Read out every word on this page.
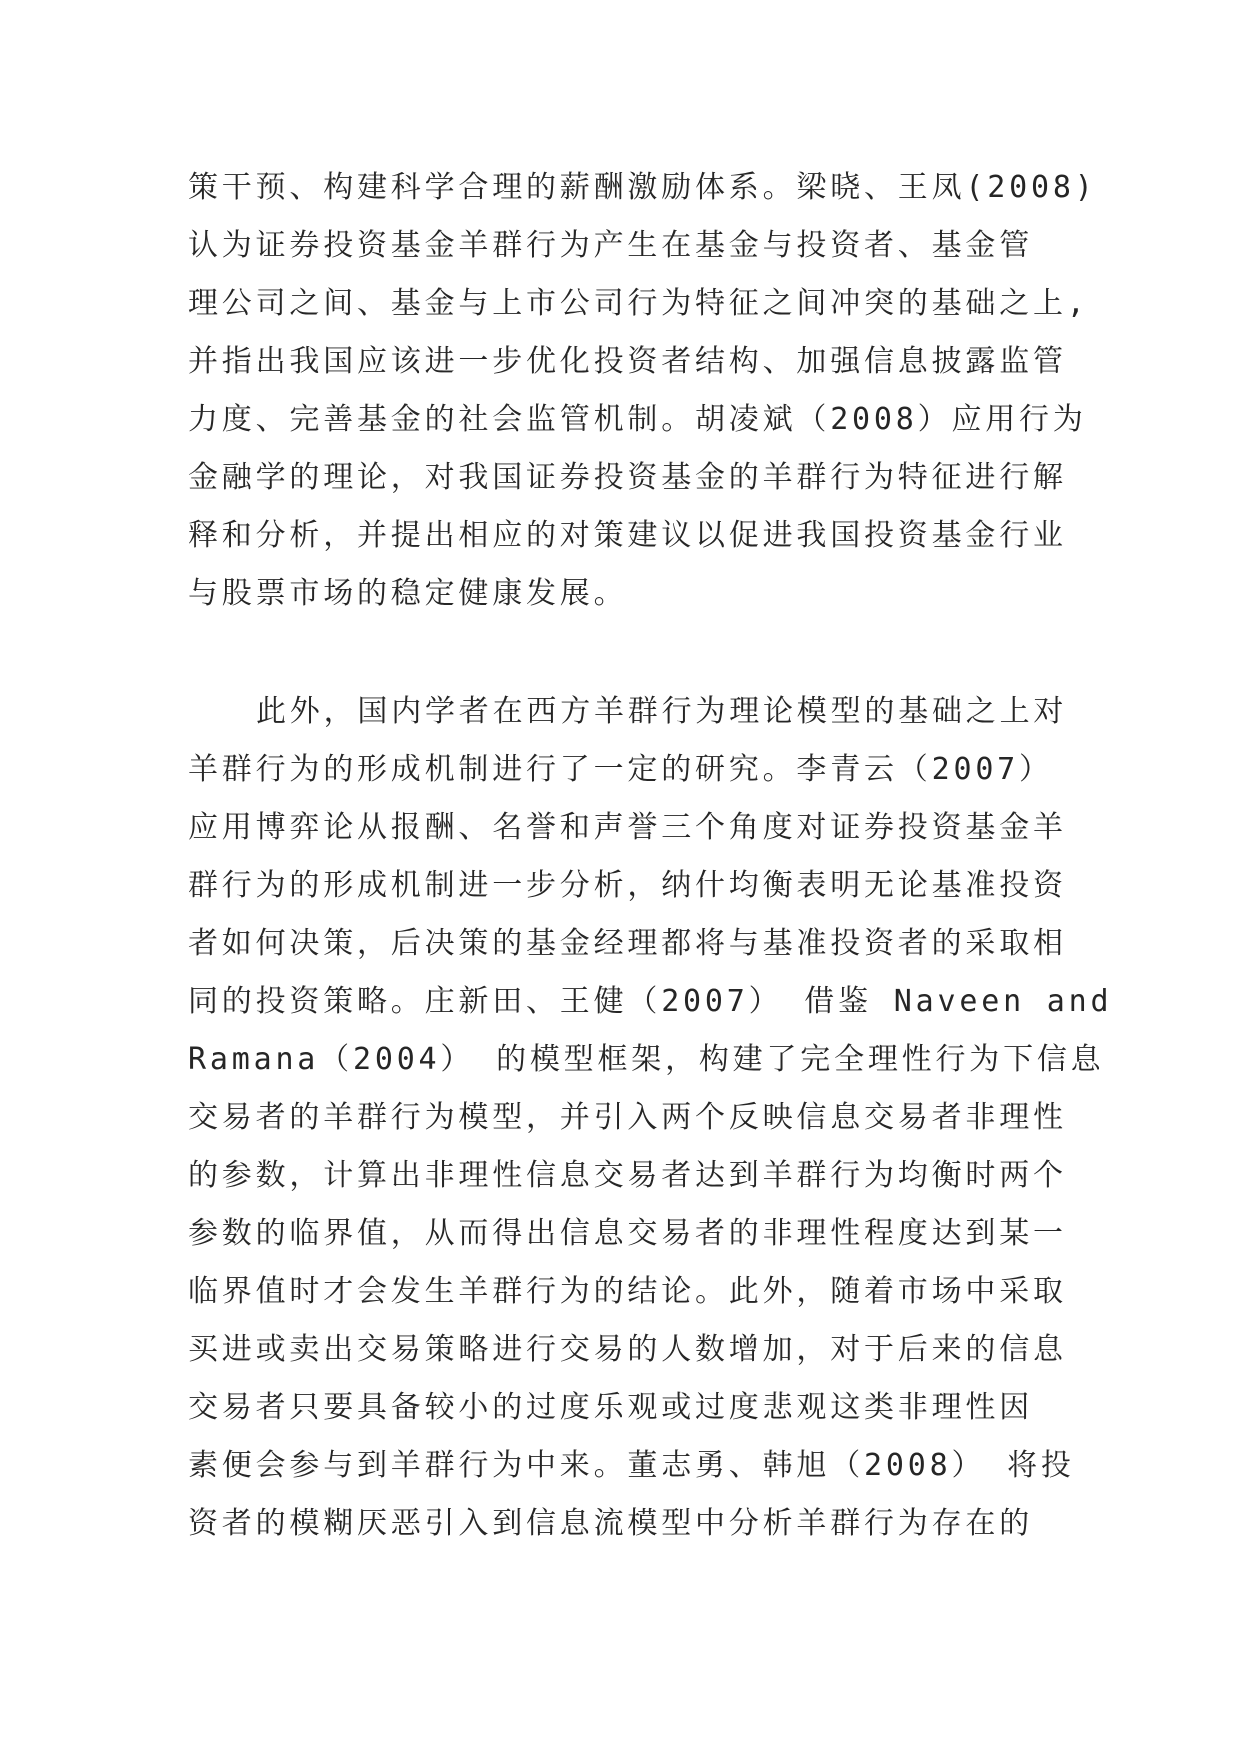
策干预、构建科学合理的薪酬激励体系。梁晓、王凤(2008)
认为证券投资基金羊群行为产生在基金与投资者、基金管
理公司之间、基金与上市公司行为特征之间冲突的基础之上,
并指出我国应该进一步优化投资者结构、加强信息披露监管
力度、完善基金的社会监管机制。胡凌斌（2008）应用行为
金融学的理论，对我国证券投资基金的羊群行为特征进行解
释和分析，并提出相应的对策建议以促进我国投资基金行业
与股票市场的稳定健康发展。
此外，国内学者在西方羊群行为理论模型的基础之上对
羊群行为的形成机制进行了一定的研究。李青云（2007）
应用博弈论从报酬、名誉和声誉三个角度对证券投资基金羊
群行为的形成机制进一步分析，纳什均衡表明无论基准投资
者如何决策，后决策的基金经理都将与基准投资者的采取相
同的投资策略。庄新田、王健（2007） 借鉴 Naveen and
Ramana（2004） 的模型框架，构建了完全理性行为下信息
交易者的羊群行为模型，并引入两个反映信息交易者非理性
的参数，计算出非理性信息交易者达到羊群行为均衡时两个
参数的临界值，从而得出信息交易者的非理性程度达到某一
临界值时才会发生羊群行为的结论。此外，随着市场中采取
买进或卖出交易策略进行交易的人数增加，对于后来的信息
交易者只要具备较小的过度乐观或过度悲观这类非理性因
素便会参与到羊群行为中来。董志勇、韩旭（2008） 将投
资者的模糊厌恶引入到信息流模型中分析羊群行为存在的
